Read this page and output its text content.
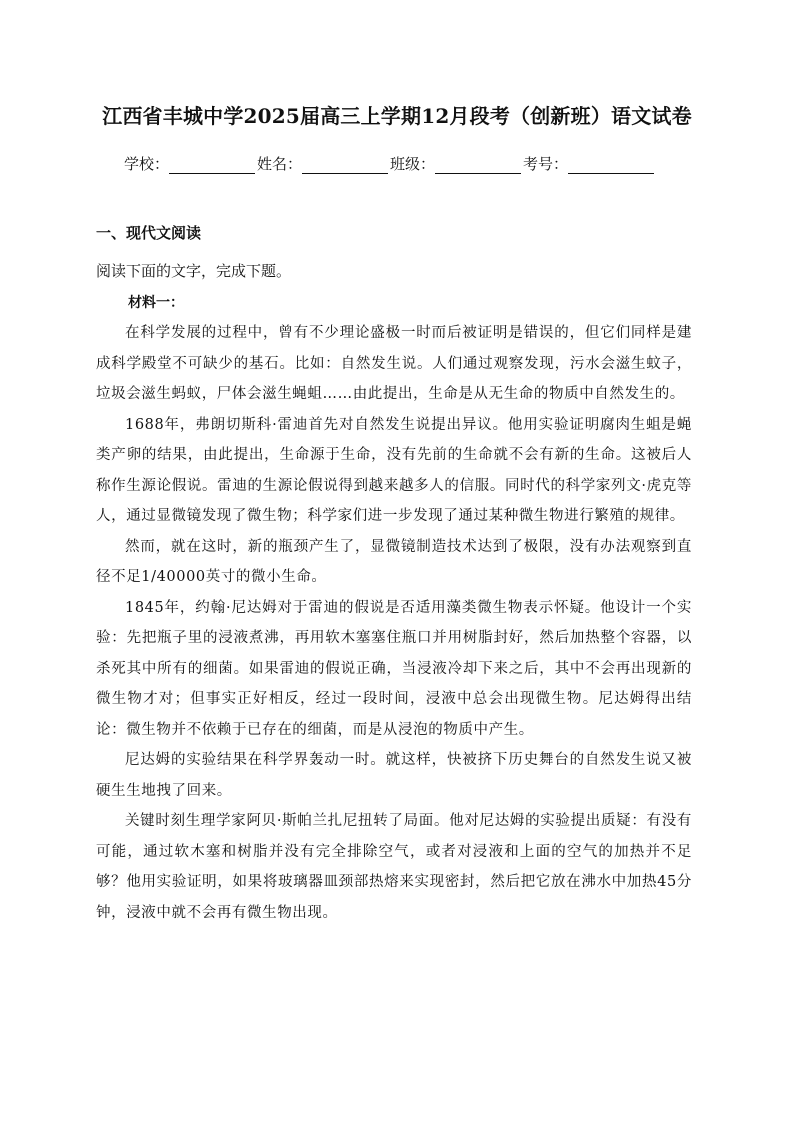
江西省丰城中学2025届高三上学期12月段考（创新班）语文试卷
学校：	姓名：	班级：	考号：
一、现代文阅读
阅读下面的文字，完成下题。
材料一：

在科学发展的过程中，曾有不少理论盛极一时而后被证明是错误的，但它们同样是建成科学殿堂不可缺少的基石。比如：自然发生说。人们通过观察发现，污水会滋生蚊子，垃圾会滋生蚂蚁，尸体会滋生蝇蛆……由此提出，生命是从无生命的物质中自然发生的。

1688年，弗朗切斯科·雷迪首先对自然发生说提出异议。他用实验证明腐肉生蛆是蝇类产卵的结果，由此提出，生命源于生命，没有先前的生命就不会有新的生命。这被后人称作生源论假说。雷迪的生源论假说得到越来越多人的信服。同时代的科学家列文·虎克等人，通过显微镜发现了微生物；科学家们进一步发现了通过某种微生物进行繁殖的规律。

然而，就在这时，新的瓶颈产生了，显微镜制造技术达到了极限，没有办法观察到直径不足1/40000英寸的微小生命。

1845年，约翰·尼达姆对于雷迪的假说是否适用藻类微生物表示怀疑。他设计一个实验：先把瓶子里的浸液煮沸，再用软木塞塞住瓶口并用树脂封好，然后加热整个容器，以杀死其中所有的细菌。如果雷迪的假说正确，当浸液冷却下来之后，其中不会再出现新的微生物才对；但事实正好相反，经过一段时间，浸液中总会出现微生物。尼达姆得出结论：微生物并不依赖于已存在的细菌，而是从浸泡的物质中产生。

尼达姆的实验结果在科学界轰动一时。就这样，快被挤下历史舞台的自然发生说又被硬生生地拽了回来。

关键时刻生理学家阿贝·斯帕兰扎尼扭转了局面。他对尼达姆的实验提出质疑：有没有可能，通过软木塞和树脂并没有完全排除空气，或者对浸液和上面的空气的加热并不足够？他用实验证明，如果将玻璃器皿颈部热熔来实现密封，然后把它放在沸水中加热45分钟，浸液中就不会再有微生物出现。
